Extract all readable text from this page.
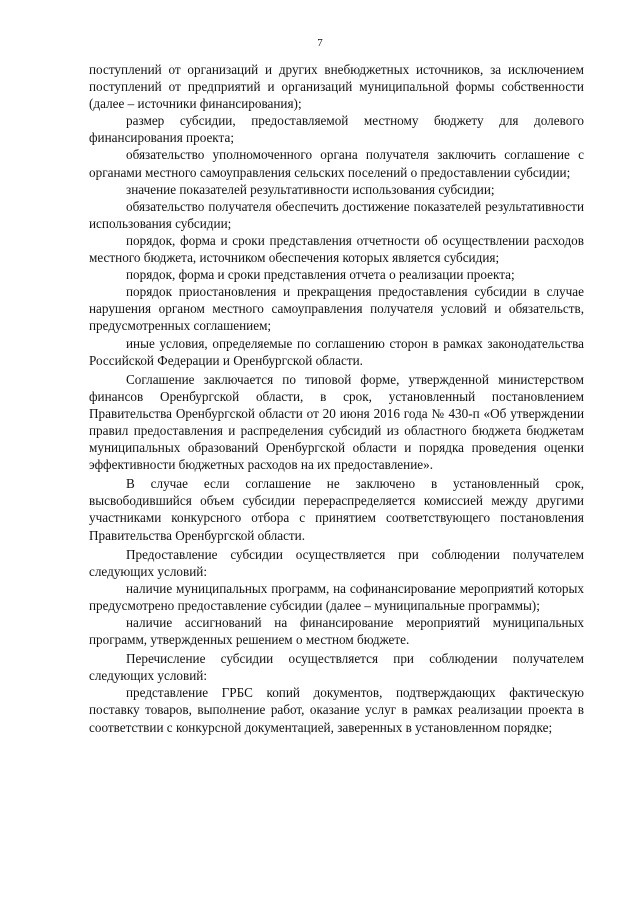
7

поступлений от организаций и других внебюджетных источников, за исключением поступлений от предприятий и организаций муниципальной формы собственности (далее – источники финансирования);

размер субсидии, предоставляемой местному бюджету для долевого финансирования проекта;

обязательство уполномоченного органа получателя заключить соглашение с органами местного самоуправления сельских поселений о предоставлении субсидии;

значение показателей результативности использования субсидии;

обязательство получателя обеспечить достижение показателей результативности использования субсидии;

порядок, форма и сроки представления отчетности об осуществлении расходов местного бюджета, источником обеспечения которых является субсидия;

порядок, форма и сроки представления отчета о реализации проекта;

порядок приостановления и прекращения предоставления субсидии в случае нарушения органом местного самоуправления получателя условий и обязательств, предусмотренных соглашением;

иные условия, определяемые по соглашению сторон в рамках законодательства Российской Федерации и Оренбургской области.

Соглашение заключается по типовой форме, утвержденной министерством финансов Оренбургской области, в срок, установленный постановлением Правительства Оренбургской области от 20 июня 2016 года № 430-п «Об утверждении правил предоставления и распределения субсидий из областного бюджета бюджетам муниципальных образований Оренбургской области и порядка проведения оценки эффективности бюджетных расходов на их предоставление».

В случае если соглашение не заключено в установленный срок, высвободившийся объем субсидии перераспределяется комиссией между другими участниками конкурсного отбора с принятием соответствующего постановления Правительства Оренбургской области.

Предоставление субсидии осуществляется при соблюдении получателем следующих условий:

наличие муниципальных программ, на софинансирование мероприятий которых предусмотрено предоставление субсидии (далее – муниципальные программы);

наличие ассигнований на финансирование мероприятий муниципальных программ, утвержденных решением о местном бюджете.

Перечисление субсидии осуществляется при соблюдении получателем следующих условий:

представление ГРБС копий документов, подтверждающих фактическую поставку товаров, выполнение работ, оказание услуг в рамках реализации проекта в соответствии с конкурсной документацией, заверенных в установленном порядке;
